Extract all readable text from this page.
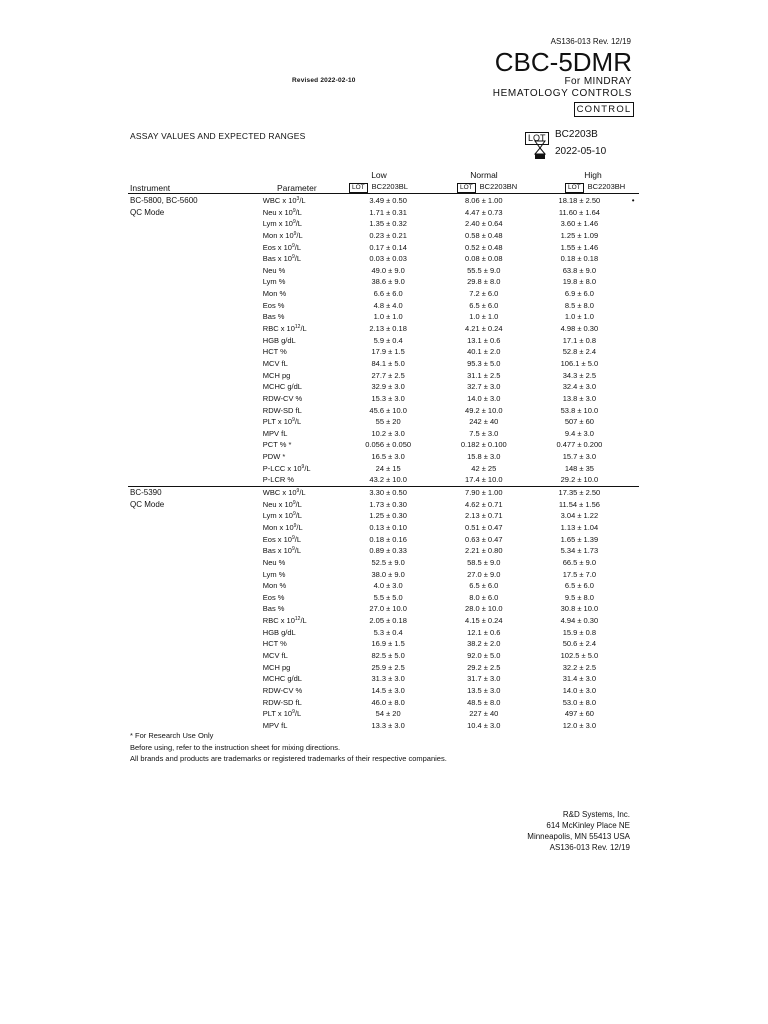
AS136-013 Rev. 12/19
CBC-5DMR
For MINDRAY
HEMATOLOGY CONTROLS
CONTROL
Revised 2022-02-10
ASSAY VALUES AND EXPECTED RANGES	LOT BC2203B
2022-05-10
Low	Normal	High
Instrument	Parameter	LOT BC2203BL	LOT BC2203BN	LOT BC2203BH
BC-5800, BC-5600	WBC x $10^3/L$	3.49 ± 0.50	8.06 ± 1.00	18.18 ± 2.50	•
QC Mode	Neu x $10^9/L$	1.71 ± 0.31	4.47 ± 0.73	11.60 ± 1.64	
	Lym x $10^9/L$	1.35 ± 0.32	2.40 ± 0.64	3.60 ± 1.46	
	Mon x $10^9/L$	0.23 ± 0.21	0.58 ± 0.48	1.25 ± 1.09	
	Eos x $10^9/L$	0.17 ± 0.14	0.52 ± 0.48	1.55 ± 1.46	
	Bas x $10^9/L$	0.03 ± 0.03	0.08 ± 0.08	0.18 ± 0.18	
	Neu %	49.0 ± 9.0	55.5 ± 9.0	63.8 ± 9.0	
	Lym %	38.6 ± 9.0	29.8 ± 8.0	19.8 ± 8.0	
	Mon %	6.6 ± 6.0	7.2 ± 6.0	6.9 ± 6.0	
	Eos %	4.8 ± 4.0	6.5 ± 6.0	8.5 ± 8.0	
	Bas %	1.0 ± 1.0	1.0 ± 1.0	1.0 ± 1.0	
	RBC x $10^{12}/L$	2.13 ± 0.18	4.21 ± 0.24	4.98 ± 0.30	
	HGB g/dL	5.9 ± 0.4	13.1 ± 0.6	17.1 ± 0.8	
	HCT %	17.9 ± 1.5	40.1 ± 2.0	52.8 ± 2.4	
	MCV fL	84.1 ± 5.0	95.3 ± 5.0	106.1 ± 5.0	
	MCH pg	27.7 ± 2.5	31.1 ± 2.5	34.3 ± 2.5	
	MCHC g/dL	32.9 ± 3.0	32.7 ± 3.0	32.4 ± 3.0	
	RDW-CV %	15.3 ± 3.0	14.0 ± 3.0	13.8 ± 3.0	
	RDW-SD fL	45.6 ± 10.0	49.2 ± 10.0	53.8 ± 10.0	
	PLT x $10^9/L$	55 ± 20	242 ± 40	507 ± 60	
	MPV fL	10.2 ± 3.0	7.5 ± 3.0	9.4 ± 3.0	
	PCT % *	0.056 ± 0.050	0.182 ± 0.100	0.477 ± 0.200	
	PDW *	16.5 ± 3.0	15.8 ± 3.0	15.7 ± 3.0	
	P-LCC x $10^9/L$	24 ± 15	42 ± 25	148 ± 35	
	P-LCR %	43.2 ± 10.0	17.4 ± 10.0	29.2 ± 10.0	
BC-5390	WBC x $10^9/L$	3.30 ± 0.50	7.90 ± 1.00	17.35 ± 2.50	
QC Mode	Neu x $10^9/L$	1.73 ± 0.30	4.62 ± 0.71	11.54 ± 1.56	
	Lym x $10^9/L$	1.25 ± 0.30	2.13 ± 0.71	3.04 ± 1.22	
	Mon x $10^9/L$	0.13 ± 0.10	0.51 ± 0.47	1.13 ± 1.04	
	Eos x $10^9/L$	0.18 ± 0.16	0.63 ± 0.47	1.65 ± 1.39	
	Bas x $10^9/L$	0.89 ± 0.33	2.21 ± 0.80	5.34 ± 1.73	
	Neu %	52.5 ± 9.0	58.5 ± 9.0	66.5 ± 9.0	
	Lym %	38.0 ± 9.0	27.0 ± 9.0	17.5 ± 7.0	
	Mon %	4.0 ± 3.0	6.5 ± 6.0	6.5 ± 6.0	
	Eos %	5.5 ± 5.0	8.0 ± 6.0	9.5 ± 8.0	
	Bas %	27.0 ± 10.0	28.0 ± 10.0	30.8 ± 10.0	
	RBC x $10^{12}/L$	2.05 ± 0.18	4.15 ± 0.24	4.94 ± 0.30	
	HGB g/dL	5.3 ± 0.4	12.1 ± 0.6	15.9 ± 0.8	
	HCT %	16.9 ± 1.5	38.2 ± 2.0	50.6 ± 2.4	
	MCV fL	82.5 ± 5.0	92.0 ± 5.0	102.5 ± 5.0	
	MCH pg	25.9 ± 2.5	29.2 ± 2.5	32.2 ± 2.5	
	MCHC g/dL	31.3 ± 3.0	31.7 ± 3.0	31.4 ± 3.0	
	RDW-CV %	14.5 ± 3.0	13.5 ± 3.0	14.0 ± 3.0	
	RDW-SD fL	46.0 ± 8.0	48.5 ± 8.0	53.0 ± 8.0	
	PLT x $10^9/L$	54 ± 20	227 ± 40	497 ± 60	
	MPV fL	13.3 ± 3.0	10.4 ± 3.0	12.0 ± 3.0	
* For Research Use Only
Before using, refer to the instruction sheet for mixing directions.
All brands and products are trademarks or registered trademarks of their respective companies.
R&D Systems, Inc.
614 McKinley Place NE
Minneapolis, MN 55413 USA
AS136-013 Rev. 12/19
